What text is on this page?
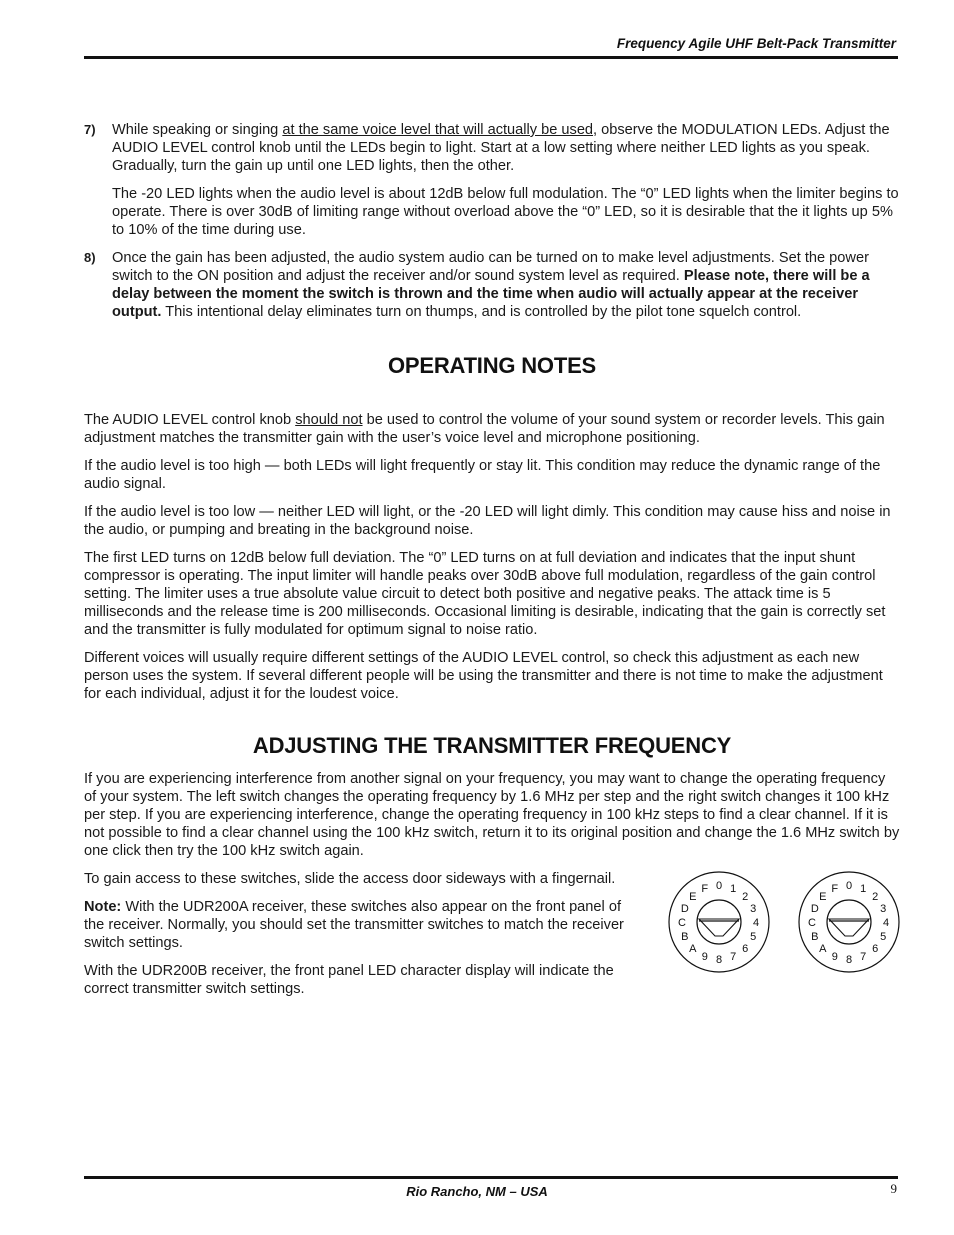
Frequency Agile UHF Belt-Pack Transmitter
7) While speaking or singing at the same voice level that will actually be used, observe the MODULATION LEDs. Adjust the AUDIO LEVEL control knob until the LEDs begin to light. Start at a low setting where neither LED lights as you speak. Gradually, turn the gain up until one LED lights, then the other.

The -20 LED lights when the audio level is about 12dB below full modulation. The “0” LED lights when the limiter begins to operate. There is over 30dB of limiting range without overload above the “0” LED, so it is desirable that the it lights up 5% to 10% of the time during use.

8) Once the gain has been adjusted, the audio system audio can be turned on to make level adjustments. Set the power switch to the ON position and adjust the receiver and/or sound system level as required. Please note, there will be a delay between the moment the switch is thrown and the time when audio will actually appear at the receiver output. This intentional delay eliminates turn on thumps, and is controlled by the pilot tone squelch control.

OPERATING NOTES

The AUDIO LEVEL control knob should not be used to control the volume of your sound system or recorder levels. This gain adjustment matches the transmitter gain with the user’s voice level and microphone positioning.

If the audio level is too high — both LEDs will light frequently or stay lit. This condition may reduce the dynamic range of the audio signal.

If the audio level is too low — neither LED will light, or the -20 LED will light dimly. This condition may cause hiss and noise in the audio, or pumping and breating in the background noise.

The first LED turns on 12dB below full deviation. The “0” LED turns on at full deviation and indicates that the input shunt compressor is operating. The input limiter will handle peaks over 30dB above full modulation, regardless of the gain control setting. The limiter uses a true absolute value circuit to detect both positive and negative peaks. The attack time is 5 milliseconds and the release time is 200 milliseconds. Occasional limiting is desirable, indicating that the gain is correctly set and the transmitter is fully modulated for optimum signal to noise ratio.

Different voices will usually require different settings of the AUDIO LEVEL control, so check this adjustment as each new person uses the system. If several different people will be using the transmitter and there is not time to make the adjustment for each individual, adjust it for the loudest voice.

ADJUSTING THE TRANSMITTER FREQUENCY

If you are experiencing interference from another signal on your frequency, you may want to change the operating frequency of your system. The left switch changes the operating frequency by 1.6 MHz per step and the right switch changes it 100 kHz per step. If you are experiencing interference, change the operating frequency in 100 kHz steps to find a clear channel. If it is not possible to find a clear channel using the 100 kHz switch, return it to its original position and change the 1.6 MHz switch by one click then try the 100 kHz switch again.

To gain access to these switches, slide the access door sideways with a fingernail.

Note: With the UDR200A receiver, these switches also appear on the front panel of the receiver. Normally, you should set the transmitter switches to match the receiver switch settings.

With the UDR200B receiver, the front panel LED character display will indicate the correct transmitter switch settings.

0 1
2
3
4
5
6
7
8
9
A
B
C
D
E
F	0 1
2
3
4
5
6
7
8
9
A
B
C
D
E
F
Rio Rancho, NM – USA	9
